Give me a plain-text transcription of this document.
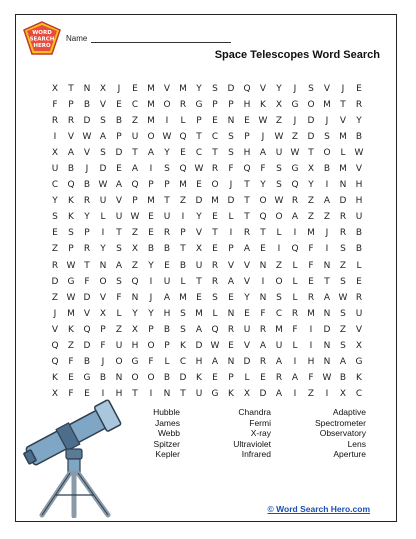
WORD
SEARCH
HERO
Name
Space Telescopes Word Search
X	T	N	X	J	E	M	V	M	Y	S	D Q	V	Y	J	S	V	J	E
F	P	B	V	E	C M O	R	G	P	P	H	K	X	G O M	T	R
R	R	D	S	B	Z	M	I	L	P	E	N	E W Z	J	D	J	V	Y
I	V W A	P	U	O W Q	T	C	S	P	J	W Z	D	S	M	B
X	A	V	S	D	T	A	Y	E	C	T	S	H	A	U W T	O	L	W
U	B	J	D	E	A	I	S	Q W R	F	Q	F	S	G	X	B	M	V
C	Q	B W A	Q	P	P	M	E	O	J	T	Y	S	Q	Y	I	N	H
Y	K	R	U	V	P	M	T	Z	D M D	T	O W R	Z	A	D	H
S	K	Y	L	U W E	U	I	Y	E	L	T	Q O	A	Z	Z	R	U
E	S	P	I	T	Z	E	R	P	V	T	I	R	T	L	I	M	J	R	B
Z	P	R	Y	S	X	B	B	T	X	E	P	A	E	I	Q	F	I	S	B
R W T	N	A	Z	Y	E	B	U	R	V	V	N	Z	L	F	N	Z	L
D	G	F	O	S	Q	I	U	L	T	R	A	V	I	O	L	E	T	S	E
Z W D	V	F	N	J	A	M	E	S	E	Y	N	S	L	R	A W R
J	M	V	X	L	Y	Y	H	S	M	L	N	E	F	C	R M N	S	U
V	K	Q	P	Z	X	P	B	S	A	Q	R	U	R M	F	I	D	Z	V
Q	Z	D	F	U	H	O	P	K	D W E	V	A	U	L	I	N	S	X
Q	F	B	J	O G	F	L	C	H	A	N	D	R	A	I	H	N	A	G
K	E	G	B	N	O O	B	D	K	E	P	L	E	R	A	F W B	K
X	F	E	I	H	T	I	N	T	U	G	K	X	D	A	I	Z	I	X	C
Hubble
James
Webb
Spitzer
Kepler
Chandra
Fermi
X-ray
Ultraviolet
Infrared
Adaptive
Spectrometer
Observatory
Lens
Aperture
© Word Search Hero.com
